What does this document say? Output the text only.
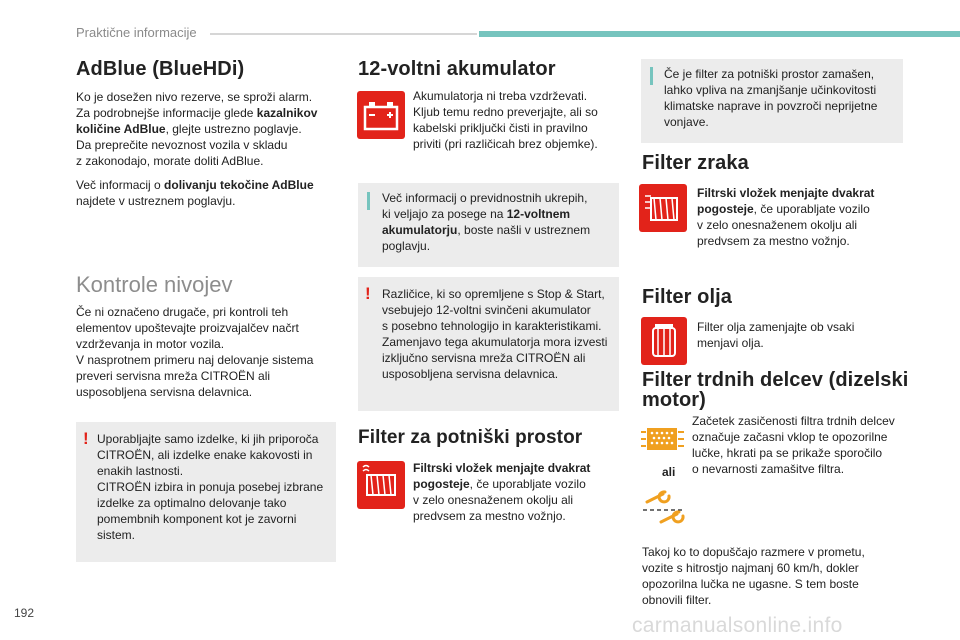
Praktične informacije
AdBlue (BlueHDi)
Ko je dosežen nivo rezerve, se sproži alarm.
Za podrobnejše informacije glede kazalnikov
količine AdBlue, glejte ustrezno poglavje.
Da preprečite nevoznost vozila v skladu
z zakonodajo, morate doliti AdBlue.
Več informacij o dolivanju tekočine AdBlue
najdete v ustreznem poglavju.
Kontrole nivojev
Če ni označeno drugače, pri kontroli teh
elementov upoštevajte proizvajalčev načrt
vzdrževanja in motor vozila.
V nasprotnem primeru naj delovanje sistema
preveri servisna mreža CITROËN ali
usposobljena servisna delavnica.
! Uporabljajte samo izdelke, ki jih priporoča
CITROËN, ali izdelke enake kakovosti in
enakih lastnosti.
CITROËN izbira in ponuja posebej izbrane
izdelke za optimalno delovanje tako
pomembnih komponent kot je zavorni
sistem.
12-voltni akumulator
Akumulatorja ni treba vzdrževati.
Kljub temu redno preverjajte, ali so
kabelski priključki čisti in pravilno
priviti (pri različicah brez objemke).
Več informacij o previdnostnih ukrepih,
ki veljajo za posege na 12-voltnem
akumulatorju, boste našli v ustreznem
poglavju.
! Različice, ki so opremljene s Stop & Start,
vsebujejo 12-voltni svinčeni akumulator
s posebno tehnologijo in karakteristikami.
Zamenjavo tega akumulatorja mora izvesti
izključno servisna mreža CITROËN ali
usposobljena servisna delavnica.
Filter za potniški prostor
Filtrski vložek menjajte dvakrat
pogosteje, če uporabljate vozilo
v zelo onesnaženem okolju ali
predvsem za mestno vožnjo.
Če je filter za potniški prostor zamašen,
lahko vpliva na zmanjšanje učinkovitosti
klimatske naprave in povzroči neprijetne
vonjave.
Filter zraka
Filtrski vložek menjajte dvakrat
pogosteje, če uporabljate vozilo
v zelo onesnaženem okolju ali
predvsem za mestno vožnjo.
Filter olja
Filter olja zamenjajte ob vsaki
menjavi olja.
Filter trdnih delcev (dizelski
motor)
ali
Začetek zasičenosti filtra trdnih delcev
označuje začasni vklop te opozorilne
lučke, hkrati pa se prikaže sporočilo
o nevarnosti zamašitve filtra.
Takoj ko to dopuščajo razmere v prometu,
vozite s hitrostjo najmanj 60 km/h, dokler
opozorilna lučka ne ugasne. S tem boste
obnovili filter.
192
carmanualsonline.info
